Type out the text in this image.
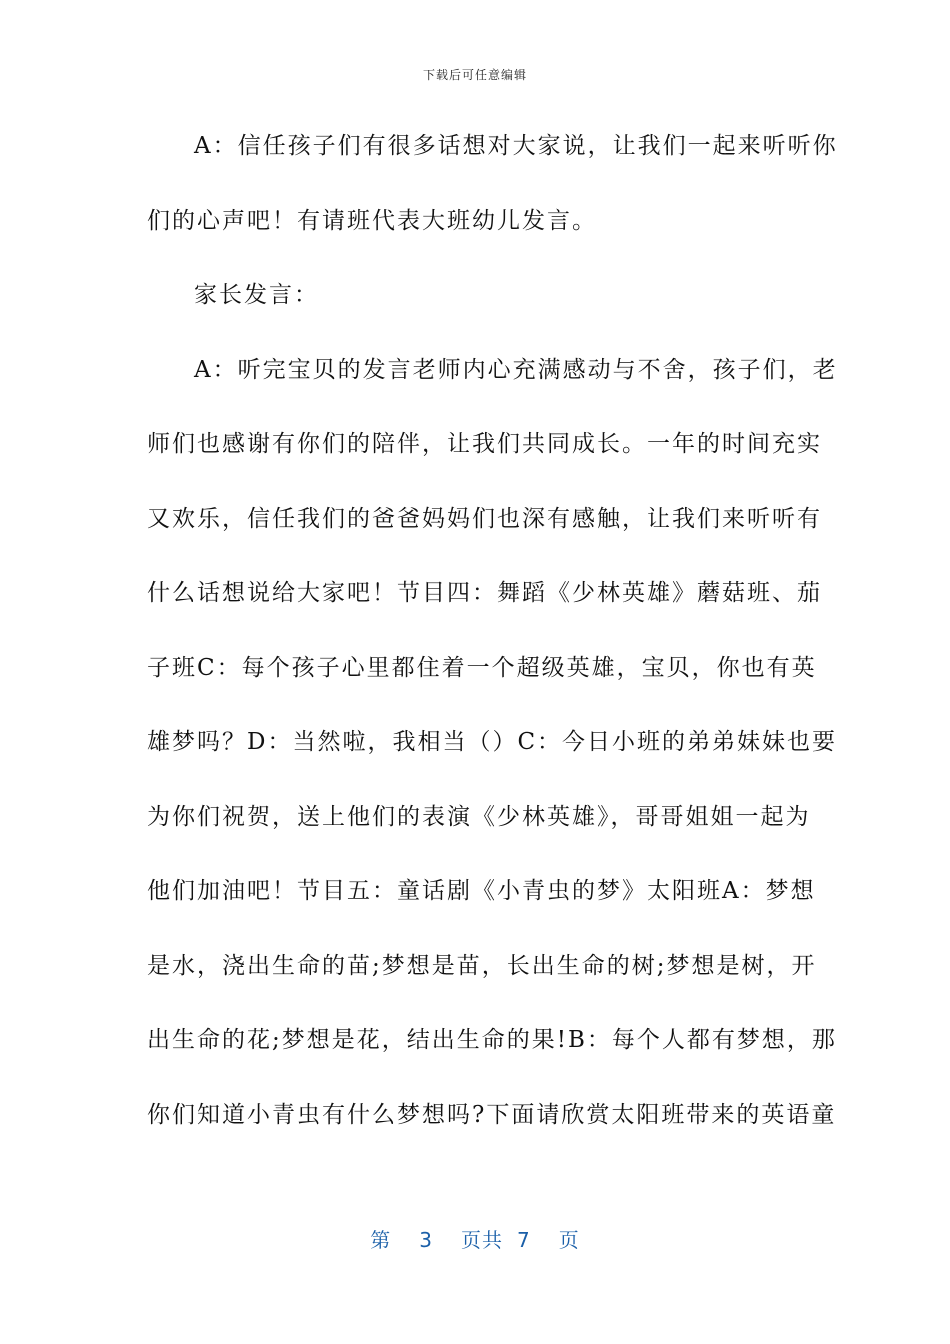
下载后可任意编辑
A：信任孩子们有很多话想对大家说，让我们一起来听听你
们的心声吧！有请班代表大班幼儿发言。
家长发言：
A：听完宝贝的发言老师内心充满感动与不舍，孩子们，老
师们也感谢有你们的陪伴，让我们共同成长。一年的时间充实
又欢乐，信任我们的爸爸妈妈们也深有感触，让我们来听听有
什么话想说给大家吧！节目四：舞蹈《少林英雄》蘑菇班、茄
子班C：每个孩子心里都住着一个超级英雄，宝贝，你也有英
雄梦吗？D：当然啦，我相当（）C：今日小班的弟弟妹妹也要
为你们祝贺，送上他们的表演《少林英雄》，哥哥姐姐一起为
他们加油吧！节目五：童话剧《小青虫的梦》太阳班A：梦想
是水，浇出生命的苗;梦想是苗，长出生命的树;梦想是树，开
出生命的花;梦想是花，结出生命的果!B：每个人都有梦想，那
你们知道小青虫有什么梦想吗?下面请欣赏太阳班带来的英语童
第 3 页共 7 页
